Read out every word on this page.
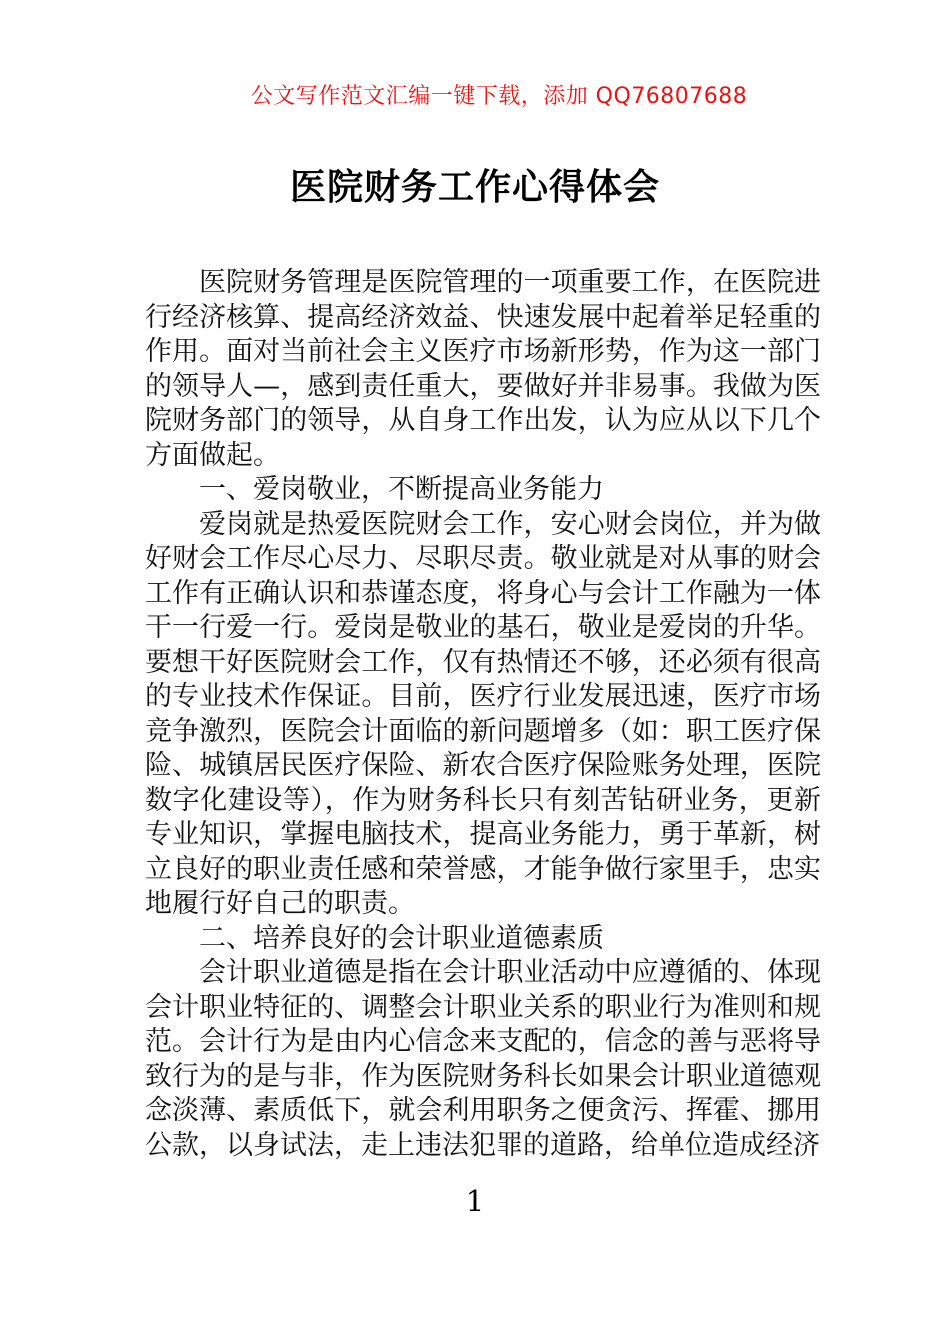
公文写作范文汇编一键下载，添加 QQ76807688
医院财务工作心得体会

医院财务管理是医院管理的一项重要工作，在医院进行经济核算、提高经济效益、快速发展中起着举足轻重的作用。面对当前社会主义医疗市场新形势，作为这一部门的领导人—，感到责任重大，要做好并非易事。我做为医院财务部门的领导，从自身工作出发，认为应从以下几个方面做起。

一、爱岗敬业，不断提高业务能力

爱岗就是热爱医院财会工作，安心财会岗位，并为做好财会工作尽心尽力、尽职尽责。敬业就是对从事的财会工作有正确认识和恭谨态度，将身心与会计工作融为一体干一行爱一行。爱岗是敬业的基石，敬业是爱岗的升华。要想干好医院财会工作，仅有热情还不够，还必须有很高的专业技术作保证。目前，医疗行业发展迅速，医疗市场竞争激烈，医院会计面临的新问题增多（如：职工医疗保险、城镇居民医疗保险、新农合医疗保险账务处理，医院数字化建设等），作为财务科长只有刻苦钻研业务，更新专业知识，掌握电脑技术，提高业务能力，勇于革新，树立良好的职业责任感和荣誉感，才能争做行家里手，忠实地履行好自己的职责。

二、培养良好的会计职业道德素质

会计职业道德是指在会计职业活动中应遵循的、体现会计职业特征的、调整会计职业关系的职业行为准则和规范。会计行为是由内心信念来支配的，信念的善与恶将导致行为的是与非，作为医院财务科长如果会计职业道德观念淡薄、素质低下，就会利用职务之便贪污、挥霍、挪用公款，以身试法，走上违法犯罪的道路，给单位造成经济

1
